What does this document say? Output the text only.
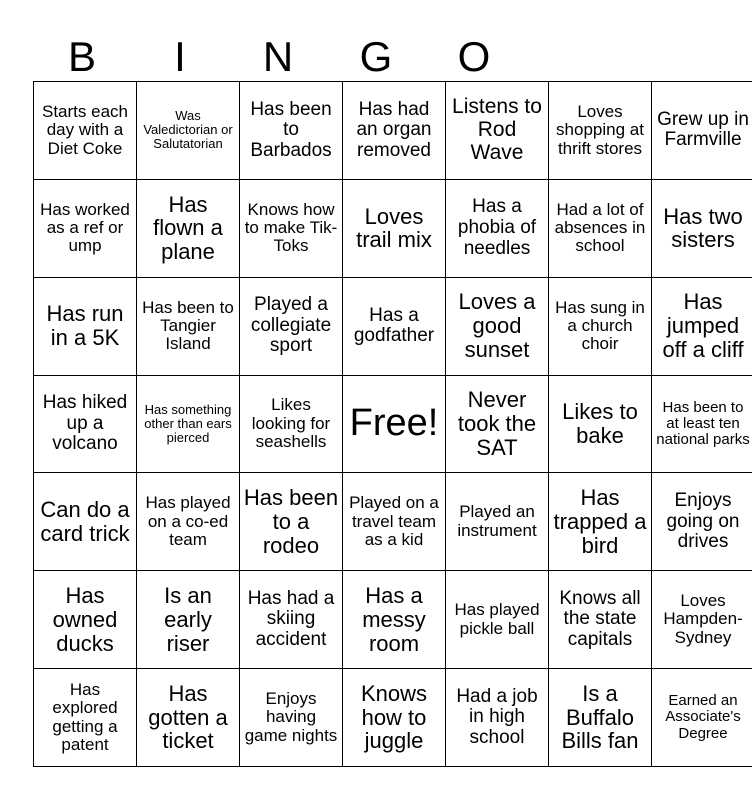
B	I	N	G	O
Starts each day with a Diet Coke	Was Valedictorian or Salutatorian	Has been to Barbados	Has had an organ removed	Listens to Rod Wave	Loves shopping at thrift stores	Grew up in Farmville
Has worked as a ref or ump	Has flown a plane	Knows how to make Tik-Toks	Loves trail mix	Has a phobia of needles	Had a lot of absences in school	Has two sisters
Has run in a 5K	Has been to Tangier Island	Played a collegiate sport	Has a godfather	Loves a good sunset	Has sung in a church choir	Has jumped off a cliff
Has hiked up a volcano	Has something other than ears pierced	Likes looking for seashells	Free!	Never took the SAT	Likes to bake	Has been to at least ten national parks
Can do a card trick	Has played on a co-ed team	Has been to a rodeo	Played on a travel team as a kid	Played an instrument	Has trapped a bird	Enjoys going on drives
Has owned ducks	Is an early riser	Has had a skiing accident	Has a messy room	Has played pickle ball	Knows all the state capitals	Loves Hampden-Sydney
Has explored getting a patent	Has gotten a ticket	Enjoys having game nights	Knows how to juggle	Had a job in high school	Is a Buffalo Bills fan	Earned an Associate's Degree
